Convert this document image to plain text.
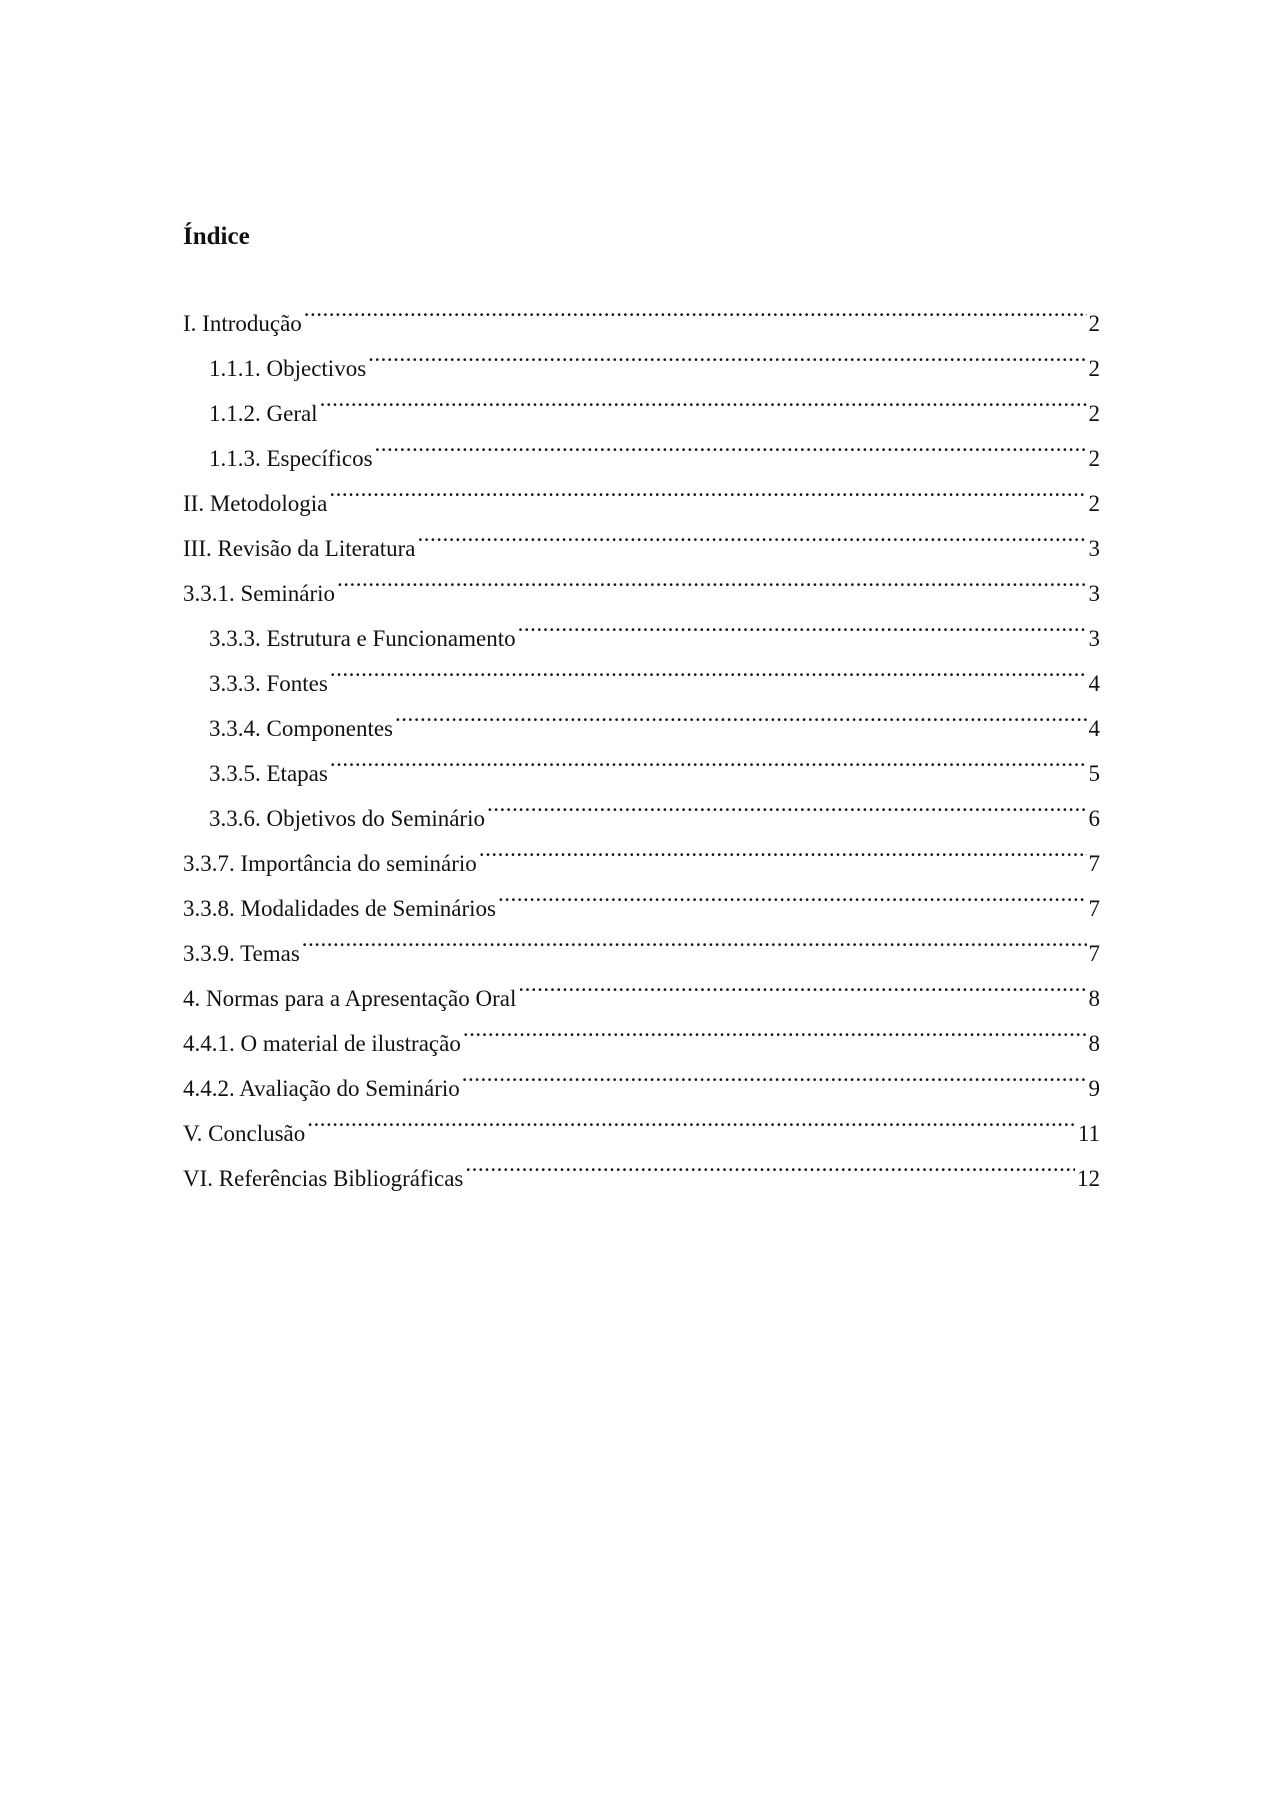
Índice
I. Introdução .....	2
1.1.1. Objectivos .....	2
1.1.2. Geral .....	2
1.1.3. Específicos .....	2
II. Metodologia .....	2
III. Revisão da Literatura .....	3
3.3.1. Seminário .....	3
3.3.3. Estrutura e Funcionamento .....	3
3.3.3. Fontes .....	4
3.3.4. Componentes .....	4
3.3.5. Etapas .....	5
3.3.6. Objetivos do Seminário .....	6
3.3.7. Importância do seminário .....	7
3.3.8. Modalidades de Seminários .....	7
3.3.9. Temas .....	7
4. Normas para a Apresentação Oral .....	8
4.4.1. O material de ilustração .....	8
4.4.2. Avaliação do Seminário .....	9
V. Conclusão .....	11
VI. Referências Bibliográficas .....	12
